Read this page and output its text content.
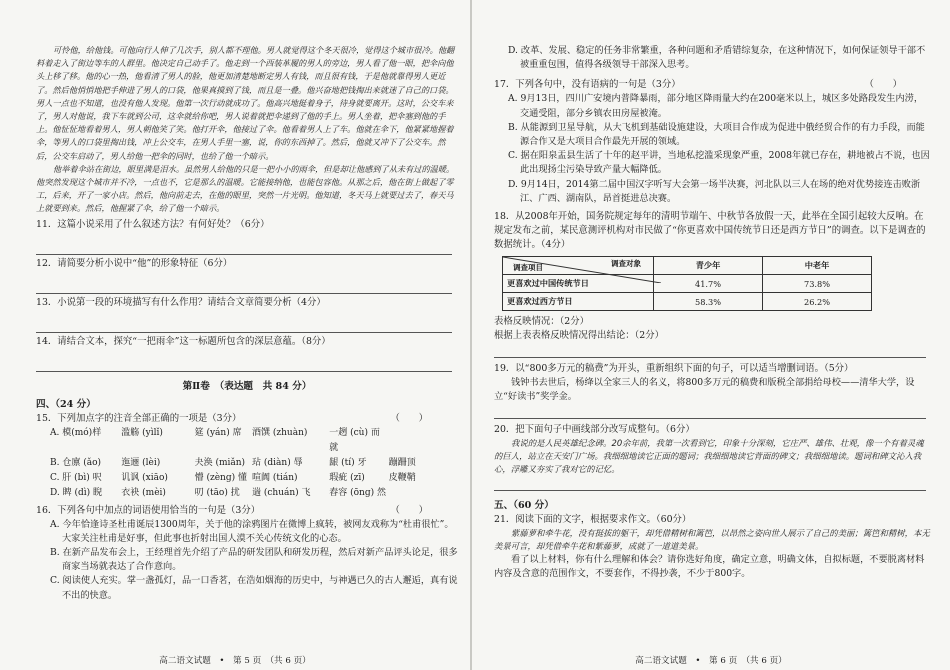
可怜他，给他钱。可他向行人伸了几次手，别人都不理他。男人就觉得这个冬天很冷，觉得这个城市很冷。他翻料着走入了街边等车的人群里。他决定自己动手了。他走到一个西装革履的男人的旁边，男人看了他一眼，把伞向他头上移了移。他的心一热，他看清了男人的脸，他更加清楚地断定男人有钱，而且很有钱，于是他就靠得男人更近了。然后他悄悄地把手伸进了男人的口袋，他果真摸到了钱，而且是一叠。他兴奋地把钱掏出来就迷了自己的口袋。男人一点也不知道，也没有他人发现。他第一次行动就成功了。他高兴地挺着身子，待身就要离开。这时，公交车来了，男人对他说，我下车就到公司，这伞就给你吧，男人说着就把伞递到了他的手上。男人坐着，把伞塞到他的手上。他怔怔地看着男人，男人朝他笑了笑。他打开伞，他接过了伞。他看着男人上了车。他就在伞下，他紧紧地握着伞，等男人的口袋里掏出钱，冲上公交车，在男人手里一塞，说，你的东西掉了。然后，他就又冲下了公交车。然后，公交车启动了，男人给他一把伞的同时，也给了他一个暗示。

他举着伞站在街边，眼里满是泪水。虽然男人给他的只是一把小小的雨伞，但是却让他感到了从未有过的温暖。他突然发现这个城市并不冷，一点也不，它是那么的温暖。它能接纳他，也能包容他。从那之后，他在街上做起了零工，后来，开了一家小店。然后，他向前走去，在他的眼里，突然一片光明。他知道，冬天马上就要过去了，春天马上就要到来。然后，他握紧了伞，给了他一个暗示。

11．这篇小说采用了什么叙述方法？有何好处？（6分）

12．请简要分析小说中“他”的形象特征（6分）

13．小说第一段的环境描写有什么作用？请结合文章简要分析（4分）

14．请结合文本，探究“一把雨伞”这一标题所包含的深层意蕴。（8分）

第Ⅱ卷　（表达题　共 84 分）
四、（24 分）

15．下列加点字的注音全部正确的一项是（3分）	（　　）

A. 模(mó)样	滥觞 (yìlǐ)	筵 (yán) 席	酒馔 (zhuàn)	一趔 (cù) 而就
B. 仓廪 (ǎo)	迤逦 (lèi)	夬涣 (miǎn) 玷 (diàn) 辱	龈 (tí) 牙	蹦跚顶
C. 肝 (bì) 呎	讥讽 (xiāo)	懵 (zèng) 懂 喧阗 (tián)	瑕疵 (zī)	皮鞭鞘
D. 睥 (dì) 睨	衣袂 (mèi)	叨 (tāo) 扰	遄 (chuán) 飞	舂容 (ōng) 然

16．下列各句中加点的词语使用恰当的一句是（3分）	（　　）

A. 今年恰逢诗圣杜甫诞辰1300周年，关于他的涂鸦图片在微博上疯转，被网友戏称为“杜甫很忙”。大家关注杜甫是好事，但此事也折射出国人漠不关心传统文化的心态。

B. 在新产品发布会上，王经理首先介绍了产品的研发团队和研发历程，然后对新产品评头论足，很多商家当场就表达了合作意向。

C. 阅读使人充实。掌一盏孤灯，品一口香茗，在浩如烟海的历史中，与神遇已久的古人邂逅，真有说不出的快意。

高二语文试题　•　第 5 页　（共 6 页）

D. 改革、发展、稳定的任务非常繁重，各种问题和矛盾错综复杂，在这种情况下，如何保证领导干部不被重重包围，值得各级领导干部深入思考。

17．下列各句中，没有语病的一句是（3分）	（　　）

A. 9月13日，四川广安境内普降暴雨，部分地区降雨量大约在200毫米以上，城区多处路段发生内涝，交通受阻，部分乡镇农田房屋被淹。

B. 从能源到卫星导航，从大飞机到基础设施建设，大项目合作成为促进中俄经贸合作的有力手段，而能源合作又是大项目合作最先开展的领域。

C. 据在阳泉盂县生活了十年的赵平讲，当地私挖滥采现象严重，2008年就已存在，耕地被占不说，也因此出现扬尘污染导致产量大幅降低。

D. 9月14日，2014第二届中国汉字听写大会第一场半决赛，河北队以三人在场的绝对优势接连击败浙江、广西、湖南队，昂首挺进总决赛。

18．从2008年开始，国务院规定每年的清明节端午、中秋节各放假一天，此举在全国引起较大反响。在规定发布之前，某民意测评机构对市民做了“你更喜欢中国传统节日还是西方节日”的调查。以下是调查的数据统计。（4分）

调查对象
调查项目	青少年	中老年
更喜欢过中国传统节日	41.7%	73.8%
更喜欢过西方节日	58.3%	26.2%

表格反映情况：（2分）

根据上表表格反映情况得出结论：（2分）

19．以“800多万元的稿费”为开头，重新组织下面的句子，可以适当增删词语。（5分）

钱钟书去世后，杨绛以全家三人的名义，将800多万元的稿费和版税全部捐给母校——清华大学，设立“好读书”奖学金。

20．把下面句子中画线部分改写成整句。（6分）

我说的是人民英雄纪念碑。20余年前，我第一次看到它，印象十分深刻，它庄严、雄伟、壮观，像一个有着灵魂的巨人，站立在天安门广场。我细细地读它正面的题词；我细细地读它背面的碑文；我细细地读。题词和碑文沁入我心，浮雕又夯实了我对它的记忆。

五、（60 分）

21．阅读下面的文字，根据要求作文。（60分）

紫藤萝和牵牛花，没有挺拔的躯干，却凭借精树和篱笆，以昂然之姿向世人展示了自己的美丽；篱笆和精树，本无美景可言，却凭借牵牛花和紫藤萝，成就了一道道美景。

看了以上材料，你有什么理解和体会？请你选好角度，确定立意，明确文体，自拟标题，不要脱离材料内容及含意的范围作文，不要套作，不得抄袭，不少于800字。

高二语文试题　•　第 6 页　（共 6 页）
